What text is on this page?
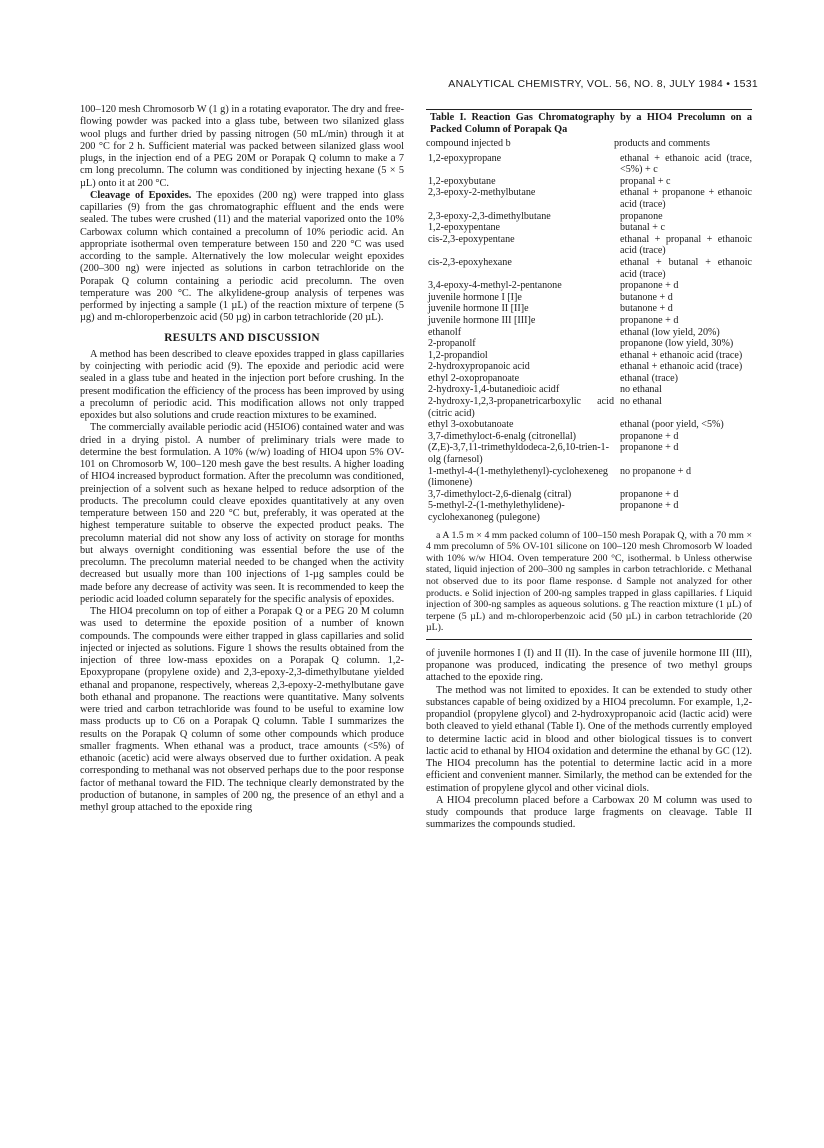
ANALYTICAL CHEMISTRY, VOL. 56, NO. 8, JULY 1984 • 1531

100–120 mesh Chromosorb W (1 g) in a rotating evaporator. The dry and free-flowing powder was packed into a glass tube, between two silanized glass wool plugs and further dried by passing nitrogen (50 mL/min) through it at 200 °C for 2 h. Sufficient material was packed between silanized glass wool plugs, in the injection end of a PEG 20M or Porapak Q column to make a 7 cm long precolumn. The column was conditioned by injecting hexane (5 × 5 µL) onto it at 200 °C.

Cleavage of Epoxides. The epoxides (200 ng) were trapped into glass capillaries (9) from the gas chromatographic effluent and the ends were sealed. The tubes were crushed (11) and the material vaporized onto the 10% Carbowax column which contained a precolumn of 10% periodic acid. An appropriate isothermal oven temperature between 150 and 220 °C was used according to the sample. Alternatively the low molecular weight epoxides (200–300 ng) were injected as solutions in carbon tetrachloride on the Porapak Q column containing a periodic acid precolumn. The oven temperature was 200 °C. The alkylidene-group analysis of terpenes was performed by injecting a sample (1 µL) of the reaction mixture of terpene (5 µg) and m-chloroperbenzoic acid (50 µg) in carbon tetrachloride (20 µL).

RESULTS AND DISCUSSION

A method has been described to cleave epoxides trapped in glass capillaries by coinjecting with periodic acid (9). The epoxide and periodic acid were sealed in a glass tube and heated in the injection port before crushing. In the present modification the efficiency of the process has been improved by using a precolumn of periodic acid. This modification allows not only trapped epoxides but also solutions and crude reaction mixtures to be examined.

The commercially available periodic acid (H5IO6) contained water and was dried in a drying pistol. A number of preliminary trials were made to determine the best formulation. A 10% (w/w) loading of HIO4 upon 5% OV-101 on Chromosorb W, 100–120 mesh gave the best results. A higher loading of HIO4 increased byproduct formation. After the precolumn was conditioned, preinjection of a solvent such as hexane helped to reduce adsorption of the products. The precolumn could cleave epoxides quantitatively at any oven temperature between 150 and 220 °C but, preferably, it was operated at the highest temperature suitable to observe the expected product peaks. The precolumn material did not show any loss of activity on storage for months but always overnight conditioning was essential before the use of the precolumn. The precolumn material needed to be changed when the activity decreased but usually more than 100 injections of 1-µg samples could be made before any decrease of activity was seen. It is recommended to keep the periodic acid loaded column separately for the specific analysis of epoxides.

The HIO4 precolumn on top of either a Porapak Q or a PEG 20 M column was used to determine the epoxide position of a number of known compounds. The compounds were either trapped in glass capillaries and solid injected or injected as solutions. Figure 1 shows the results obtained from the injection of three low-mass epoxides on a Porapak Q column. 1,2-Epoxypropane (propylene oxide) and 2,3-epoxy-2,3-dimethylbutane yielded ethanal and propanone, respectively, whereas 2,3-epoxy-2-methylbutane gave both ethanal and propanone. The reactions were quantitative. Many solvents were tried and carbon tetrachloride was found to be useful to examine low mass products up to C6 on a Porapak Q column. Table I summarizes the results on the Porapak Q column of some other compounds which produce smaller fragments. When ethanal was a product, trace amounts (<5%) of ethanoic (acetic) acid were always observed due to further oxidation. A peak corresponding to methanal was not observed perhaps due to the poor response factor of methanal toward the FID. The technique clearly demonstrated by the production of butanone, in samples of 200 ng, the presence of an ethyl and a methyl group attached to the epoxide ring

Table I. Reaction Gas Chromatography by a HIO4 Precolumn on a Packed Column of Porapak Qa
compound injected b	products and comments
1,2-epoxypropane	ethanal + ethanoic acid (trace, <5%) + c
1,2-epoxybutane	propanal + c
2,3-epoxy-2-methylbutane	ethanal + propanone + ethanoic acid (trace)
2,3-epoxy-2,3-dimethylbutane	propanone
1,2-epoxypentane	butanal + c
cis-2,3-epoxypentane	ethanal + propanal + ethanoic acid (trace)
cis-2,3-epoxyhexane	ethanal + butanal + ethanoic acid (trace)
3,4-epoxy-4-methyl-2-pentanone	propanone + d
juvenile hormone I [I]e	butanone + d
juvenile hormone II [II]e	butanone + d
juvenile hormone III [III]e	propanone + d
ethanolf	ethanal (low yield, 20%)
2-propanolf	propanone (low yield, 30%)
1,2-propandiol	ethanal + ethanoic acid (trace)
2-hydroxypropanoic acid	ethanal + ethanoic acid (trace)
ethyl 2-oxopropanoate	ethanal (trace)
2-hydroxy-1,4-butanedioic acidf	no ethanal
2-hydroxy-1,2,3-propanetricarboxylic acid (citric acid)	no ethanal
ethyl 3-oxobutanoate	ethanal (poor yield, <5%)
3,7-dimethyloct-6-enalg (citronellal)	propanone + d
(Z,E)-3,7,11-trimethyldodeca-2,6,10-trien-1-olg (farnesol)	propanone + d
1-methyl-4-(1-methylethenyl)-cyclohexeneg (limonene)	no propanone + d
3,7-dimethyloct-2,6-dienalg (citral)	propanone + d
5-methyl-2-(1-methylethylidene)-cyclohexanoneg (pulegone)	propanone + d

a A 1.5 m × 4 mm packed column of 100–150 mesh Porapak Q, with a 70 mm × 4 mm precolumn of 5% OV-101 silicone on 100–120 mesh Chromosorb W loaded with 10% w/w HIO4. Oven temperature 200 °C, isothermal. b Unless otherwise stated, liquid injection of 200–300 ng samples in carbon tetrachloride. c Methanal not observed due to its poor flame response. d Sample not analyzed for other products. e Solid injection of 200-ng samples trapped in glass capillaries. f Liquid injection of 300-ng samples as aqueous solutions. g The reaction mixture (1 µL) of terpene (5 µL) and m-chloroperbenzoic acid (50 µL) in carbon tetrachloride (20 µL).

of juvenile hormones I (I) and II (II). In the case of juvenile hormone III (III), propanone was produced, indicating the presence of two methyl groups attached to the epoxide ring.

The method was not limited to epoxides. It can be extended to study other substances capable of being oxidized by a HIO4 precolumn. For example, 1,2-propandiol (propylene glycol) and 2-hydroxypropanoic acid (lactic acid) were both cleaved to yield ethanal (Table I). One of the methods currently employed to determine lactic acid in blood and other biological tissues is to convert lactic acid to ethanal by HIO4 oxidation and determine the ethanal by GC (12). The HIO4 precolumn has the potential to determine lactic acid in a more efficient and convenient manner. Similarly, the method can be extended for the estimation of propylene glycol and other vicinal diols.

A HIO4 precolumn placed before a Carbowax 20 M column was used to study compounds that produce large fragments on cleavage. Table II summarizes the compounds studied.
